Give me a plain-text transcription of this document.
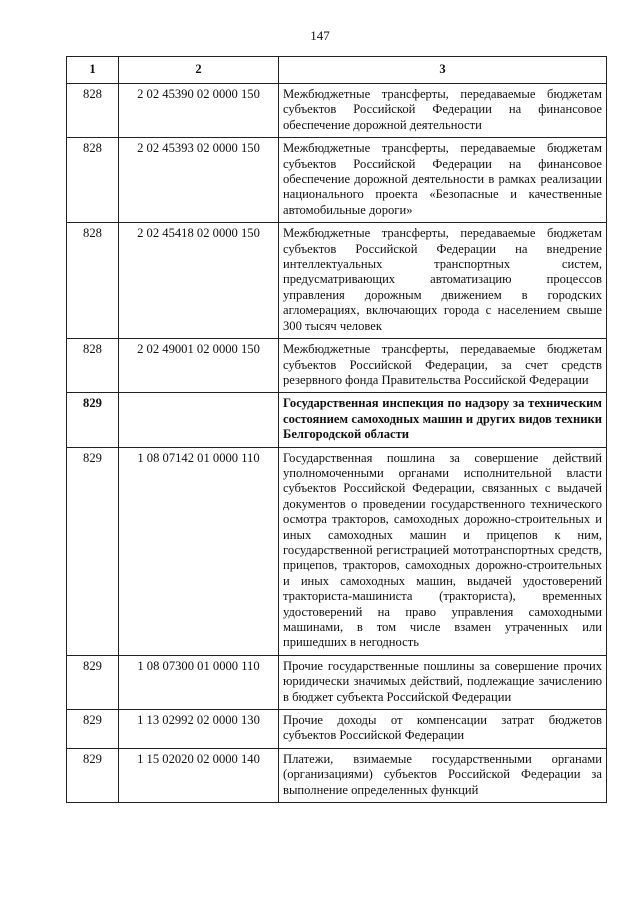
147
1	2	3
828	2 02 45390 02 0000 150	Межбюджетные трансферты, передаваемые бюджетам субъектов Российской Федерации на финансовое обеспечение дорожной деятельности
828	2 02 45393 02 0000 150	Межбюджетные трансферты, передаваемые бюджетам субъектов Российской Федерации на финансовое обеспечение дорожной деятельности в рамках реализации национального проекта «Безопасные и качественные автомобильные дороги»
828	2 02 45418 02 0000 150	Межбюджетные трансферты, передаваемые бюджетам субъектов Российской Федерации на внедрение интеллектуальных транспортных систем, предусматривающих автоматизацию процессов управления дорожным движением в городских агломерациях, включающих города с населением свыше 300 тысяч человек
828	2 02 49001 02 0000 150	Межбюджетные трансферты, передаваемые бюджетам субъектов Российской Федерации, за счет средств резервного фонда Правительства Российской Федерации
829		Государственная инспекция по надзору за техническим состоянием самоходных машин и других видов техники Белгородской области
829	1 08 07142 01 0000 110	Государственная пошлина за совершение действий уполномоченными органами исполнительной власти субъектов Российской Федерации, связанных с выдачей документов о проведении государственного технического осмотра тракторов, самоходных дорожно-строительных и иных самоходных машин и прицепов к ним, государственной регистрацией мототранспортных средств, прицепов, тракторов, самоходных дорожно-строительных и иных самоходных машин, выдачей удостоверений тракториста-машиниста (тракториста), временных удостоверений на право управления самоходными машинами, в том числе взамен утраченных или пришедших в негодность
829	1 08 07300 01 0000 110	Прочие государственные пошлины за совершение прочих юридически значимых действий, подлежащие зачислению в бюджет субъекта Российской Федерации
829	1 13 02992 02 0000 130	Прочие доходы от компенсации затрат бюджетов субъектов Российской Федерации
829	1 15 02020 02 0000 140	Платежи, взимаемые государственными органами (организациями) субъектов Российской Федерации за выполнение определенных функций
